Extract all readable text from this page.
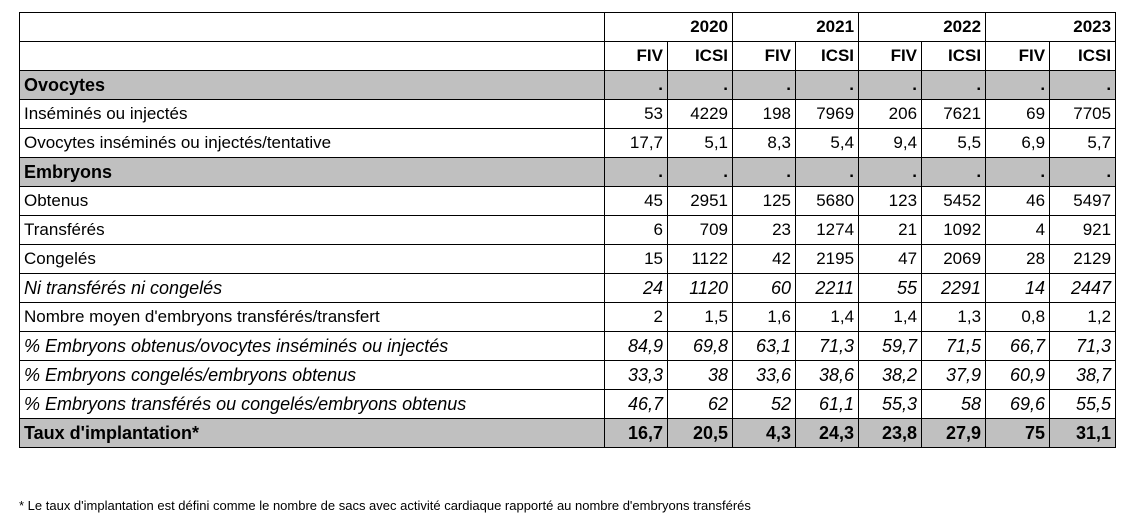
	2020		2021		2022		2023	
	FIV	ICSI	FIV	ICSI	FIV	ICSI	FIV	ICSI
Ovocytes	.	.	.	.	.	.	.	.
Inséminés ou injectés	53	4229	198	7969	206	7621	69	7705
Ovocytes inséminés ou injectés/tentative	17,7	5,1	8,3	5,4	9,4	5,5	6,9	5,7
Embryons	.	.	.	.	.	.	.	.
Obtenus	45	2951	125	5680	123	5452	46	5497
Transférés	6	709	23	1274	21	1092	4	921
Congelés	15	1122	42	2195	47	2069	28	2129
Ni transférés ni congelés	24	1120	60	2211	55	2291	14	2447
Nombre moyen d'embryons transférés/transfert	2	1,5	1,6	1,4	1,4	1,3	0,8	1,2
% Embryons obtenus/ovocytes inséminés ou injectés	84,9	69,8	63,1	71,3	59,7	71,5	66,7	71,3
% Embryons congelés/embryons obtenus	33,3	38	33,6	38,6	38,2	37,9	60,9	38,7
% Embryons transférés ou congelés/embryons obtenus	46,7	62	52	61,1	55,3	58	69,6	55,5
Taux d'implantation*	16,7	20,5	4,3	24,3	23,8	27,9	75	31,1
* Le taux d'implantation est défini comme le nombre de sacs avec activité cardiaque rapporté au nombre d'embryons transférés
